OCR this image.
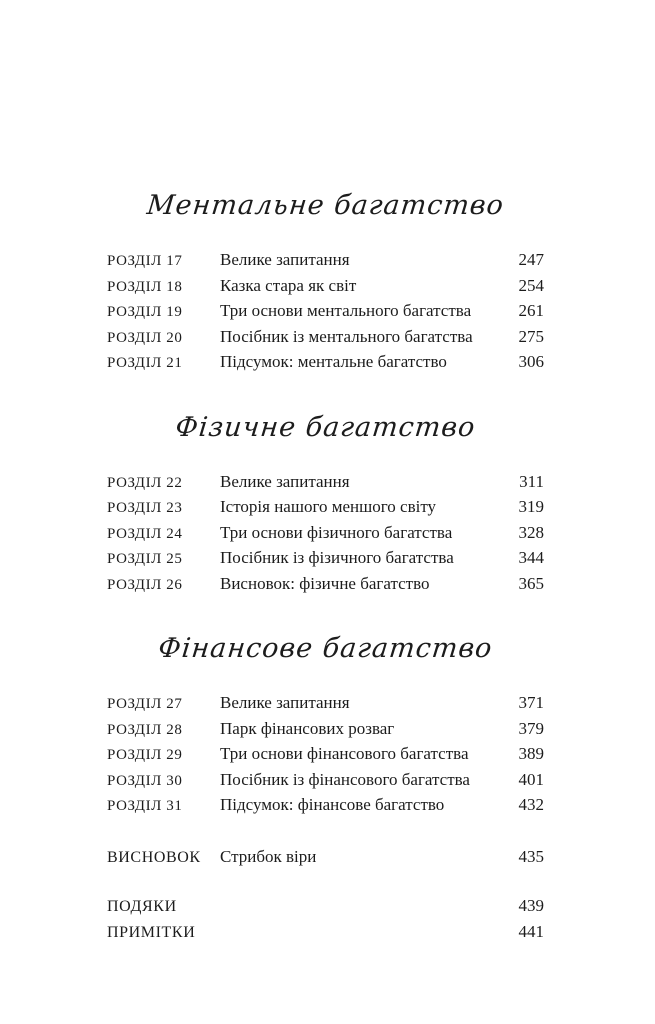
Ментальне багатство
РОЗДІЛ 17	Велике запитання	247
РОЗДІЛ 18	Казка стара як світ	254
РОЗДІЛ 19	Три основи ментального багатства	261
РОЗДІЛ 20	Посібник із ментального багатства	275
РОЗДІЛ 21	Підсумок: ментальне багатство	306
Фізичне багатство
РОЗДІЛ 22	Велике запитання	311
РОЗДІЛ 23	Історія нашого меншого світу	319
РОЗДІЛ 24	Три основи фізичного багатства	328
РОЗДІЛ 25	Посібник із фізичного багатства	344
РОЗДІЛ 26	Висновок: фізичне багатство	365
Фінансове багатство
РОЗДІЛ 27	Велике запитання	371
РОЗДІЛ 28	Парк фінансових розваг	379
РОЗДІЛ 29	Три основи фінансового багатства	389
РОЗДІЛ 30	Посібник із фінансового багатства	401
РОЗДІЛ 31	Підсумок: фінансове багатство	432
ВИСНОВОК	Стрибок віри	435
ПОДЯКИ	439
ПРИМІТКИ	441
